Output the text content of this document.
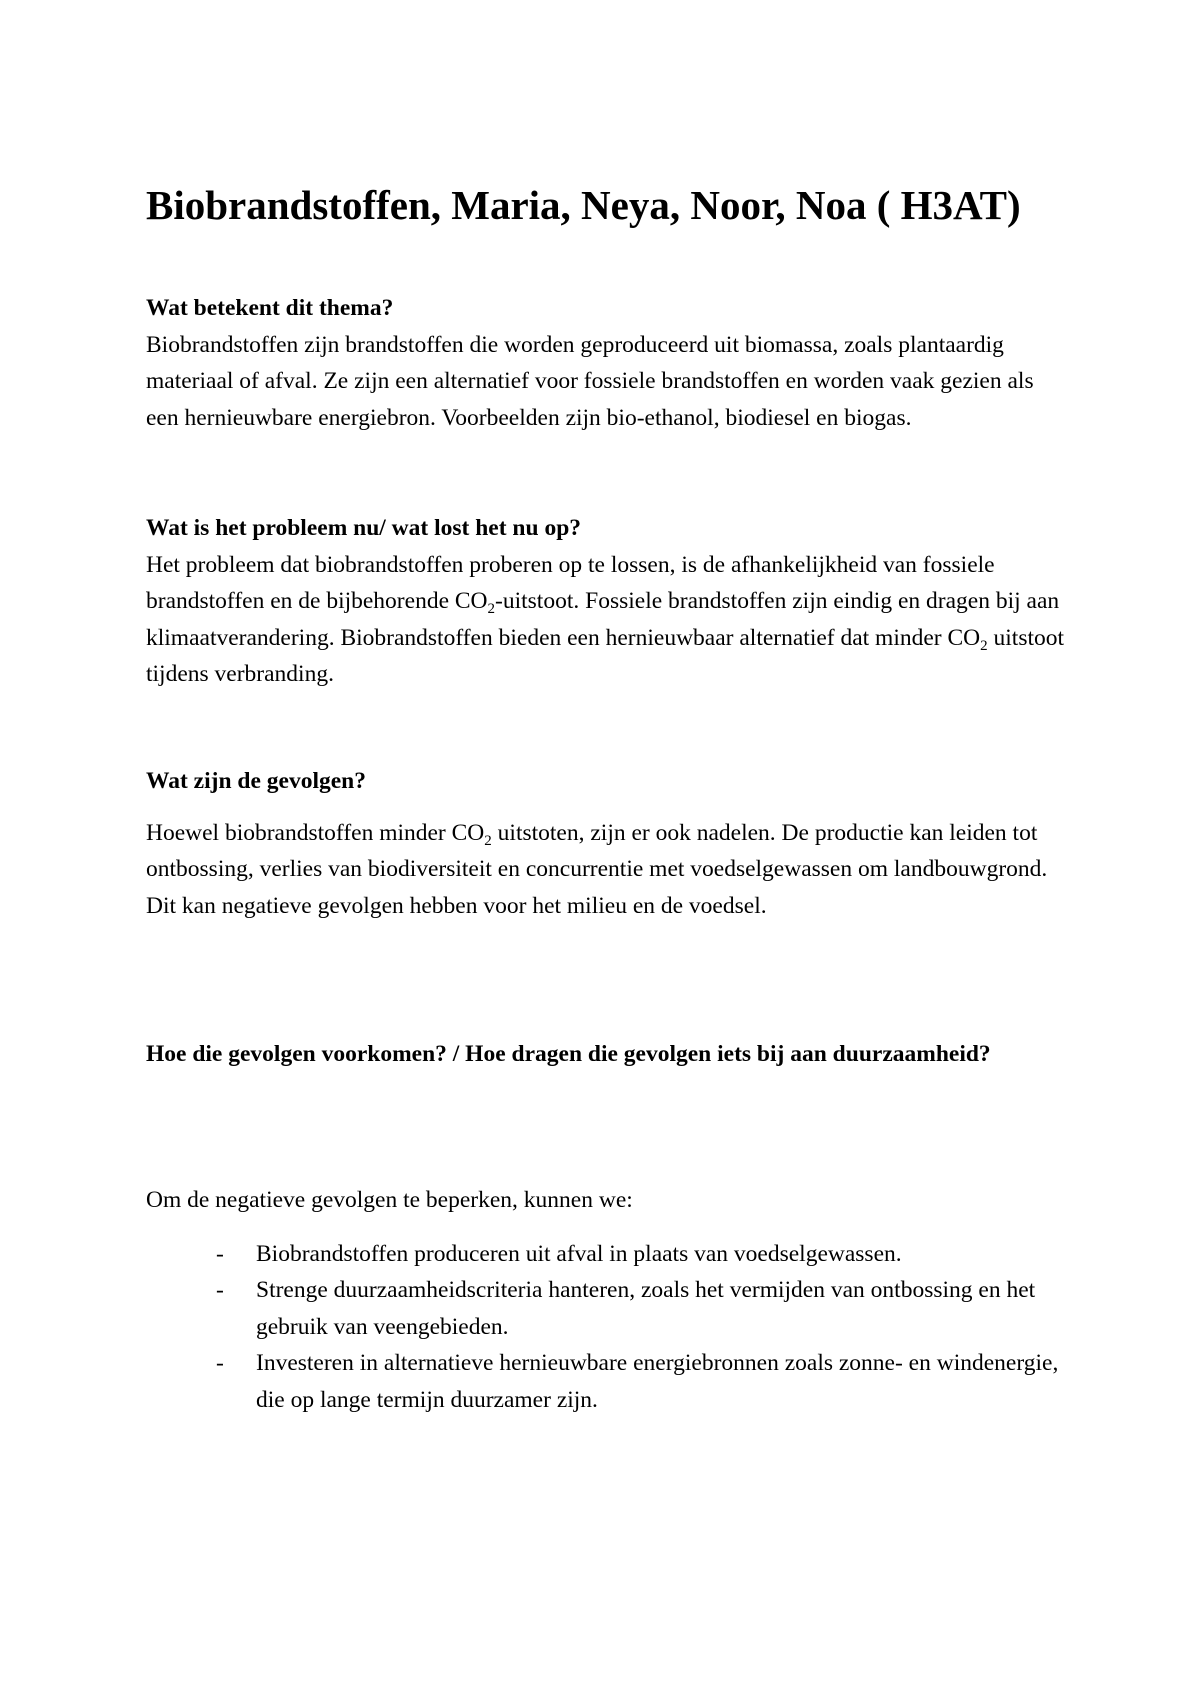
Biobrandstoffen, Maria, Neya, Noor, Noa ( H3AT)

Wat betekent dit thema?

Biobrandstoffen zijn brandstoffen die worden geproduceerd uit biomassa, zoals plantaardig materiaal of afval. Ze zijn een alternatief voor fossiele brandstoffen en worden vaak gezien als een hernieuwbare energiebron. Voorbeelden zijn bio-ethanol, biodiesel en biogas.

Wat is het probleem nu/ wat lost het nu op?

Het probleem dat biobrandstoffen proberen op te lossen, is de afhankelijkheid van fossiele brandstoffen en de bijbehorende $CO_2$-uitstoot. Fossiele brandstoffen zijn eindig en dragen bij aan klimaatverandering. Biobrandstoffen bieden een hernieuwbaar alternatief dat minder $CO_2$ uitstoot tijdens verbranding.

Wat zijn de gevolgen?

Hoewel biobrandstoffen minder $CO_2$ uitstoten, zijn er ook nadelen. De productie kan leiden tot ontbossing, verlies van biodiversiteit en concurrentie met voedselgewassen om landbouwgrond. Dit kan negatieve gevolgen hebben voor het milieu en de voedsel.

Hoe die gevolgen voorkomen? / Hoe dragen die gevolgen iets bij aan duurzaamheid?

Om de negatieve gevolgen te beperken, kunnen we:

- Biobrandstoffen produceren uit afval in plaats van voedselgewassen.
- Strenge duurzaamheidscriteria hanteren, zoals het vermijden van ontbossing en het gebruik van veengebieden.
- Investeren in alternatieve hernieuwbare energiebronnen zoals zonne- en windenergie, die op lange termijn duurzamer zijn.
